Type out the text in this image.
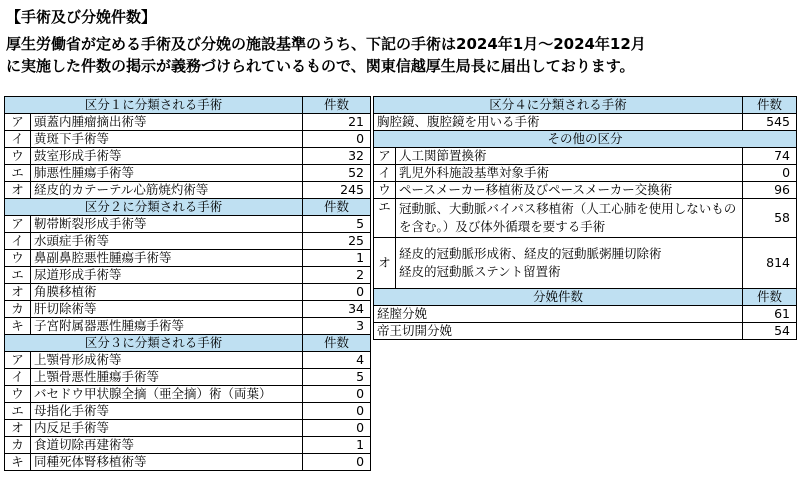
【手術及び分娩件数】
厚生労働省が定める手術及び分娩の施設基準のうち、下記の手術は2024年1月～2024年12月
に実施した件数の掲示が義務づけられているもので、関東信越厚生局長に届出しております。
区分１に分類される手術		件数
ア	頭蓋内腫瘤摘出術等	21
イ	黄斑下手術等	0
ウ	鼓室形成手術等	32
エ	肺悪性腫瘍手術等	52
オ	経皮的カテーテル心筋焼灼術等	245
区分２に分類される手術		件数
ア	靭帯断裂形成手術等	5
イ	水頭症手術等	25
ウ	鼻副鼻腔悪性腫瘍手術等	1
エ	尿道形成手術等	2
オ	角膜移植術	0
カ	肝切除術等	34
キ	子宮附属器悪性腫瘍手術等	3
区分３に分類される手術		件数
ア	上顎骨形成術等	4
イ	上顎骨悪性腫瘍手術等	5
ウ	バセドウ甲状腺全摘（亜全摘）術（両葉）	0
エ	母指化手術等	0
オ	内反足手術等	0
カ	食道切除再建術等	1
キ	同種死体腎移植術等	0
区分４に分類される手術		件数
胸腔鏡、腹腔鏡を用いる手術		545
その他の区分		
ア	人工関節置換術	74
イ	乳児外科施設基準対象手術	0
ウ	ペースメーカー移植術及びペースメーカー交換術	96
エ	冠動脈、大動脈バイパス移植術（人工心肺を使用しないものを含む。）及び体外循環を要する手術	58
オ	経皮的冠動脈形成術、経皮的冠動脈粥腫切除術
経皮的冠動脈ステント留置術	814
分娩件数		件数
経膣分娩		61
帝王切開分娩		54
